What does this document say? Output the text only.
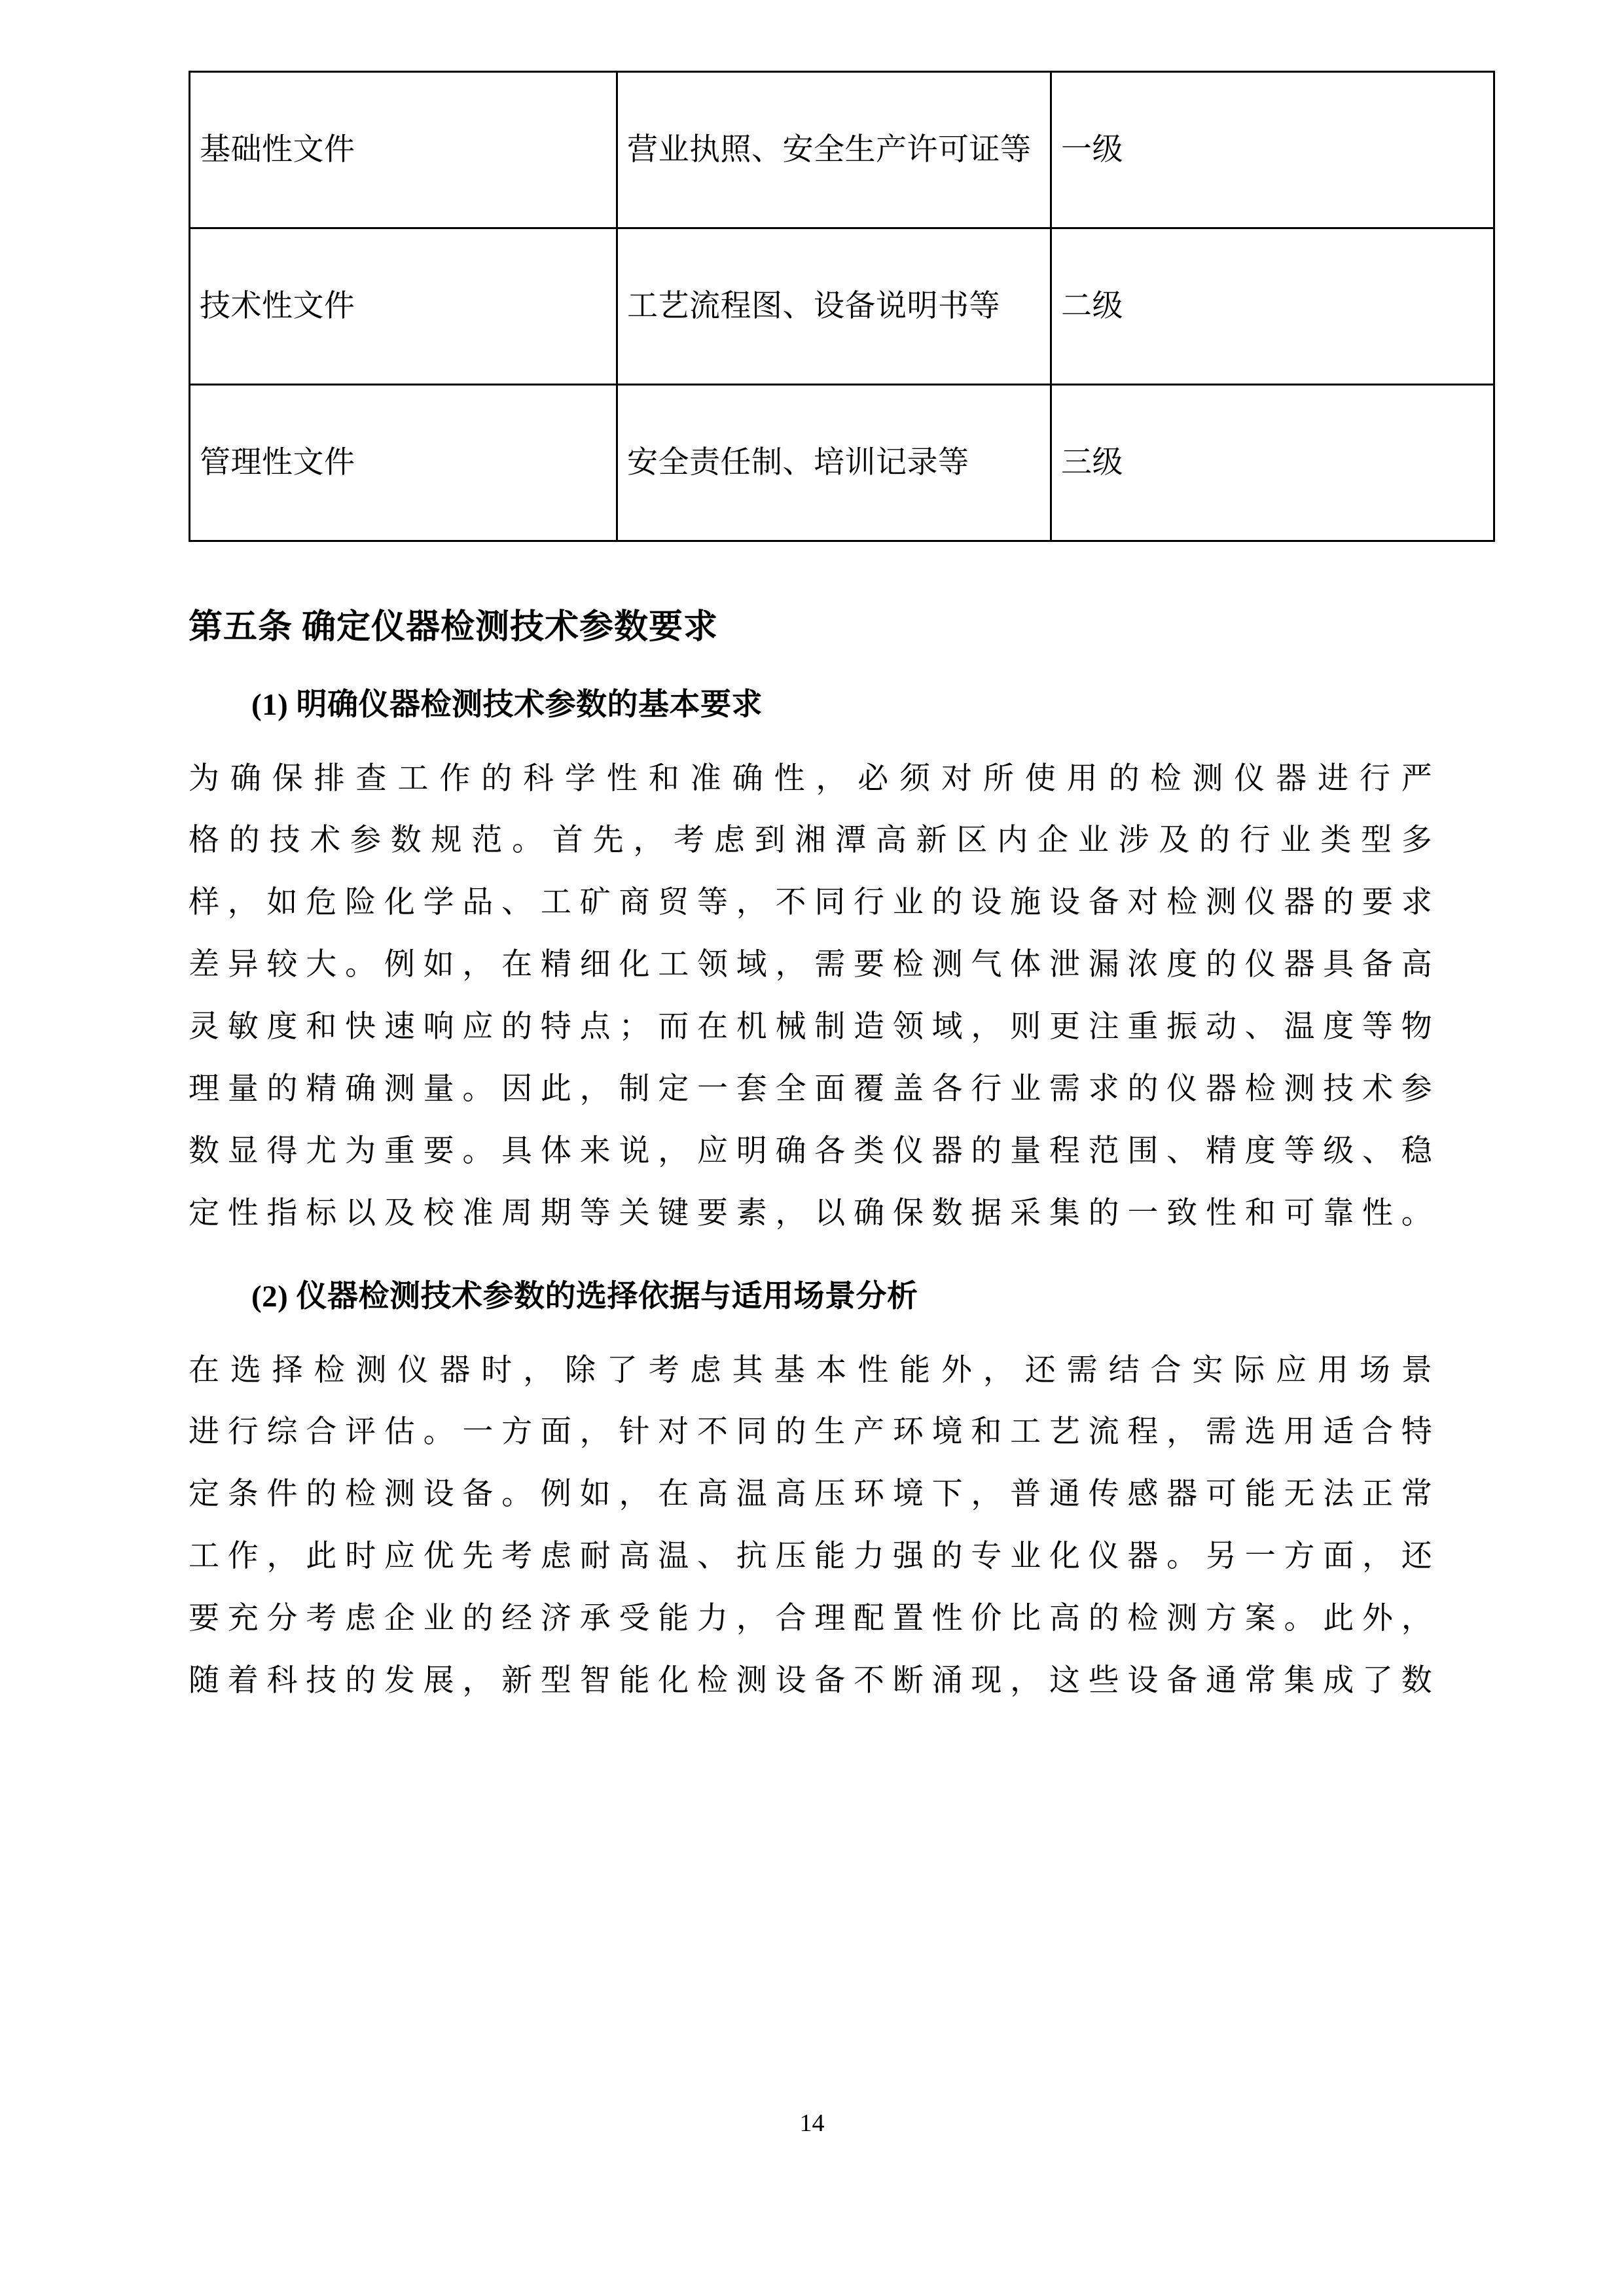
基础性文件	营业执照、安全生产许可证等	一级
技术性文件	工艺流程图、设备说明书等	二级
管理性文件	安全责任制、培训记录等	三级
第五条 确定仪器检测技术参数要求
(1) 明确仪器检测技术参数的基本要求
为确保排查工作的科学性和准确性，必须对所使用的检测仪器进行严
格的技术参数规范。首先，考虑到湘潭高新区内企业涉及的行业类型多
样，如危险化学品、工矿商贸等，不同行业的设施设备对检测仪器的要求
差异较大。例如，在精细化工领域，需要检测气体泄漏浓度的仪器具备高
灵敏度和快速响应的特点；而在机械制造领域，则更注重振动、温度等物
理量的精确测量。因此，制定一套全面覆盖各行业需求的仪器检测技术参
数显得尤为重要。具体来说，应明确各类仪器的量程范围、精度等级、稳
定性指标以及校准周期等关键要素，以确保数据采集的一致性和可靠性。
(2) 仪器检测技术参数的选择依据与适用场景分析
在选择检测仪器时，除了考虑其基本性能外，还需结合实际应用场景
进行综合评估。一方面，针对不同的生产环境和工艺流程，需选用适合特
定条件的检测设备。例如，在高温高压环境下，普通传感器可能无法正常
工作，此时应优先考虑耐高温、抗压能力强的专业化仪器。另一方面，还
要充分考虑企业的经济承受能力，合理配置性价比高的检测方案。此外，
随着科技的发展，新型智能化检测设备不断涌现，这些设备通常集成了数
14
